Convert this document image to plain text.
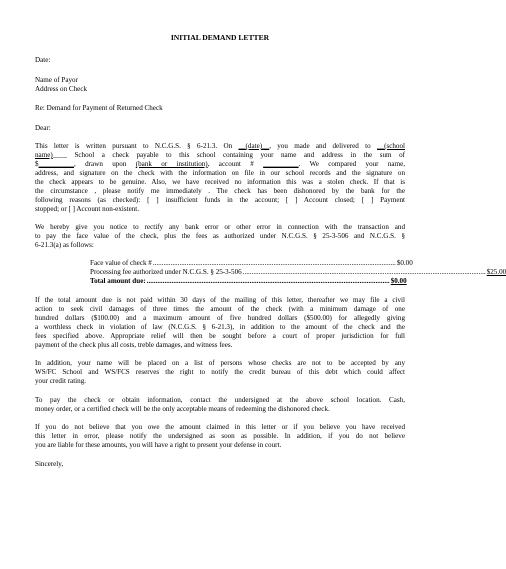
INITIAL DEMAND LETTER
Date:
Name of Payor
Address on Check
Re: Demand for Payment of Returned Check
Dear:
This letter is written pursuant to N.C.G.S. § 6-21.3. On __(date)__, you made and delivered to __(school
name)____ School a check payable to this school containing your name and address in the sum of
$__________, drawn upon (bank or institution), account # __________. We compared your name,
address, and signature on the check with the information on file in our school records and the signature on
the check appears to be genuine. Also, we have received no information this was a stolen check. If that is
the circumstance , please notify me immediately . The check has been dishonored by the bank for the
following reasons (as checked): [ ] insufficient funds in the account; [ ] Account closed; [ ] Payment
stopped; or [ ] Account non-existent.
We hereby give you notice to rectify any bank error or other error in connection with the transaction and
to pay the face value of the check, plus the fees as authorized under N.C.G.S. § 25-3-506 and N.C.G.S. §
6-21.3(a) as follows:
Face value of check # ......................................................................................................................................... $0.00
Processing fee authorized under N.C.G.S. § 25-3-506 ......................................................................................................................................... $25.00
Total amount due: ......................................................................................................................................... $0.00
If the total amount due is not paid within 30 days of the mailing of this letter, thereafter we may file a civil
action to seek civil damages of three times the amount of the check (with a minimum damage of one
hundred dollars ($100.00) and a maximum amount of five hundred dollars ($500.00) for allegedly giving
a worthless check in violation of law (N.C.G.S. § 6-21.3), in addition to the amount of the check and the
fees specified above. Appropriate relief will then be sought before a court of proper jurisdiction for full
payment of the check plus all costs, treble damages, and witness fees.
In addition, your name will be placed on a list of persons whose checks are not to be accepted by any
WS/FC School and WS/FCS reserves the right to notify the credit bureau of this debt which could affect
your credit rating.
To pay the check or obtain information, contact the undersigned at the above school location. Cash,
money order, or a certified check will be the only acceptable means of redeeming the dishonored check.
If you do not believe that you owe the amount claimed in this letter or if you believe you have received
this letter in error, please notify the undersigned as soon as possible. In addition, if you do not believe
you are liable for these amounts, you will have a right to present your defense in court.
Sincerely,
